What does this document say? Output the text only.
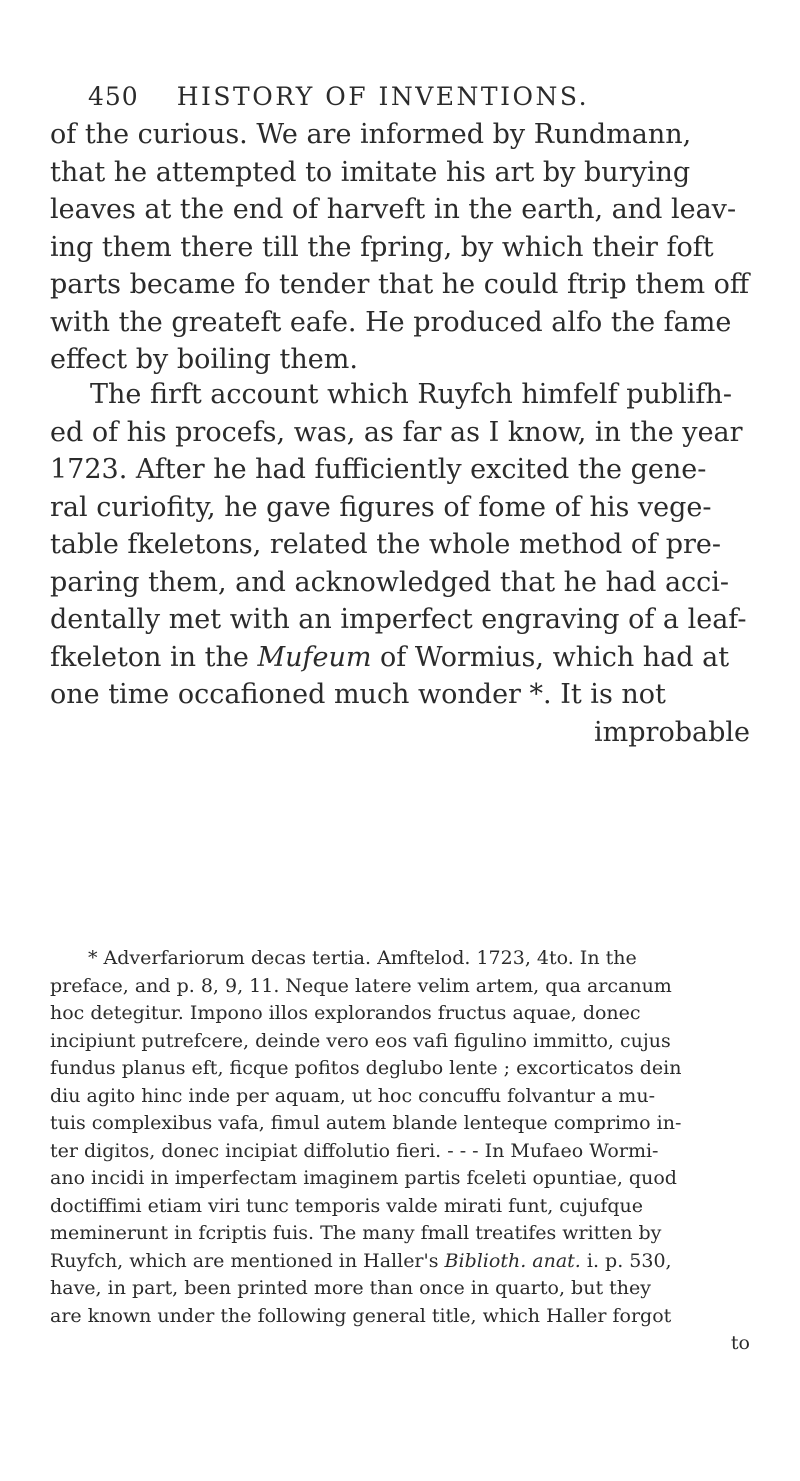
450 HISTORY OF INVENTIONS.
of the curious. We are informed by Rundmann,
that he attempted to imitate his art by burying
leaves at the end of harveft in the earth, and leav-
ing them there till the fpring, by which their foft
parts became fo tender that he could ftrip them off
with the greateft eafe. He produced alfo the fame
effect by boiling them.
The firft account which Ruyfch himfelf publifh-
ed of his procefs, was, as far as I know, in the year
1723. After he had fufficiently excited the gene-
ral curiofity, he gave figures of fome of his vege-
table fkeletons, related the whole method of pre-
paring them, and acknowledged that he had acci-
dentally met with an imperfect engraving of a leaf-
fkeleton in the Mufeum of Wormius, which had at
one time occafioned much wonder *. It is not
improbable
* Adverfariorum decas tertia. Amftelod. 1723, 4to. In the
preface, and p. 8, 9, 11. Neque latere velim artem, qua arcanum
hoc detegitur. Impono illos explorandos fructus aquae, donec
incipiunt putrefcere, deinde vero eos vafi figulino immitto, cujus
fundus planus eft, ficque pofitos deglubo lente ; excorticatos dein
diu agito hinc inde per aquam, ut hoc concuffu folvantur a mu-
tuis complexibus vafa, fimul autem blande lenteque comprimo in-
ter digitos, donec incipiat diffolutio fieri. - - - In Mufaeo Wormi-
ano incidi in imperfectam imaginem partis fceleti opuntiae, quod
doctiffimi etiam viri tunc temporis valde mirati funt, cujufque
meminerunt in fcriptis fuis. The many fmall treatifes written by
Ruyfch, which are mentioned in Haller's Biblioth. anat. i. p. 530,
have, in part, been printed more than once in quarto, but they
are known under the following general title, which Haller forgot
to
